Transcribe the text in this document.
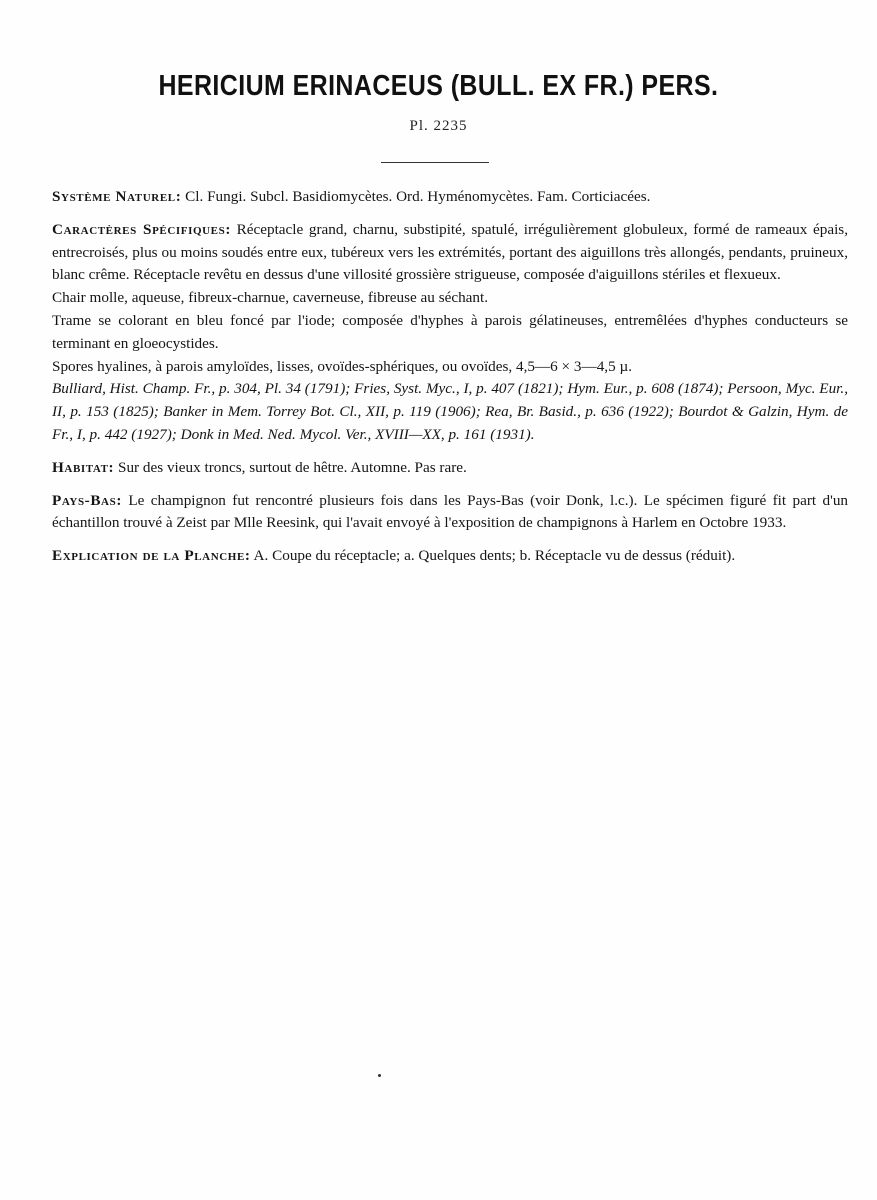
HERICIUM ERINACEUS (BULL. EX FR.) PERS.
Pl. 2235

Système Naturel: Cl. Fungi. Subcl. Basidiomycètes. Ord. Hyménomycètes. Fam. Corticiacées.

Caractères Spécifiques: Réceptacle grand, charnu, substipité, spatulé, irrégulièrement globuleux, formé de rameaux épais, entrecroisés, plus ou moins soudés entre eux, tubéreux vers les extrémités, portant des aiguillons très allongés, pendants, pruineux, blanc crême. Réceptacle revêtu en dessus d'une villosité grossière strigueuse, composée d'aiguillons stériles et flexueux.

Chair molle, aqueuse, fibreux-charnue, caverneuse, fibreuse au séchant.

Trame se colorant en bleu foncé par l'iode; composée d'hyphes à parois gélatineuses, entremêlées d'hyphes conducteurs se terminant en gloeocystides.

Spores hyalines, à parois amyloïdes, lisses, ovoïdes-sphériques, ou ovoïdes, 4,5—6 × 3—4,5 µ.

Bulliard, Hist. Champ. Fr., p. 304, Pl. 34 (1791); Fries, Syst. Myc., I, p. 407 (1821); Hym. Eur., p. 608 (1874); Persoon, Myc. Eur., II, p. 153 (1825); Banker in Mem. Torrey Bot. Cl., XII, p. 119 (1906); Rea, Br. Basid., p. 636 (1922); Bourdot & Galzin, Hym. de Fr., I, p. 442 (1927); Donk in Med. Ned. Mycol. Ver., XVIII—XX, p. 161 (1931).

Habitat: Sur des vieux troncs, surtout de hêtre. Automne. Pas rare.

Pays-Bas: Le champignon fut rencontré plusieurs fois dans les Pays-Bas (voir Donk, l.c.). Le spécimen figuré fit part d'un échantillon trouvé à Zeist par Mlle Reesink, qui l'avait envoyé à l'exposition de champignons à Harlem en Octobre 1933.

Explication de la Planche: A. Coupe du réceptacle; a. Quelques dents; b. Réceptacle vu de dessus (réduit).
